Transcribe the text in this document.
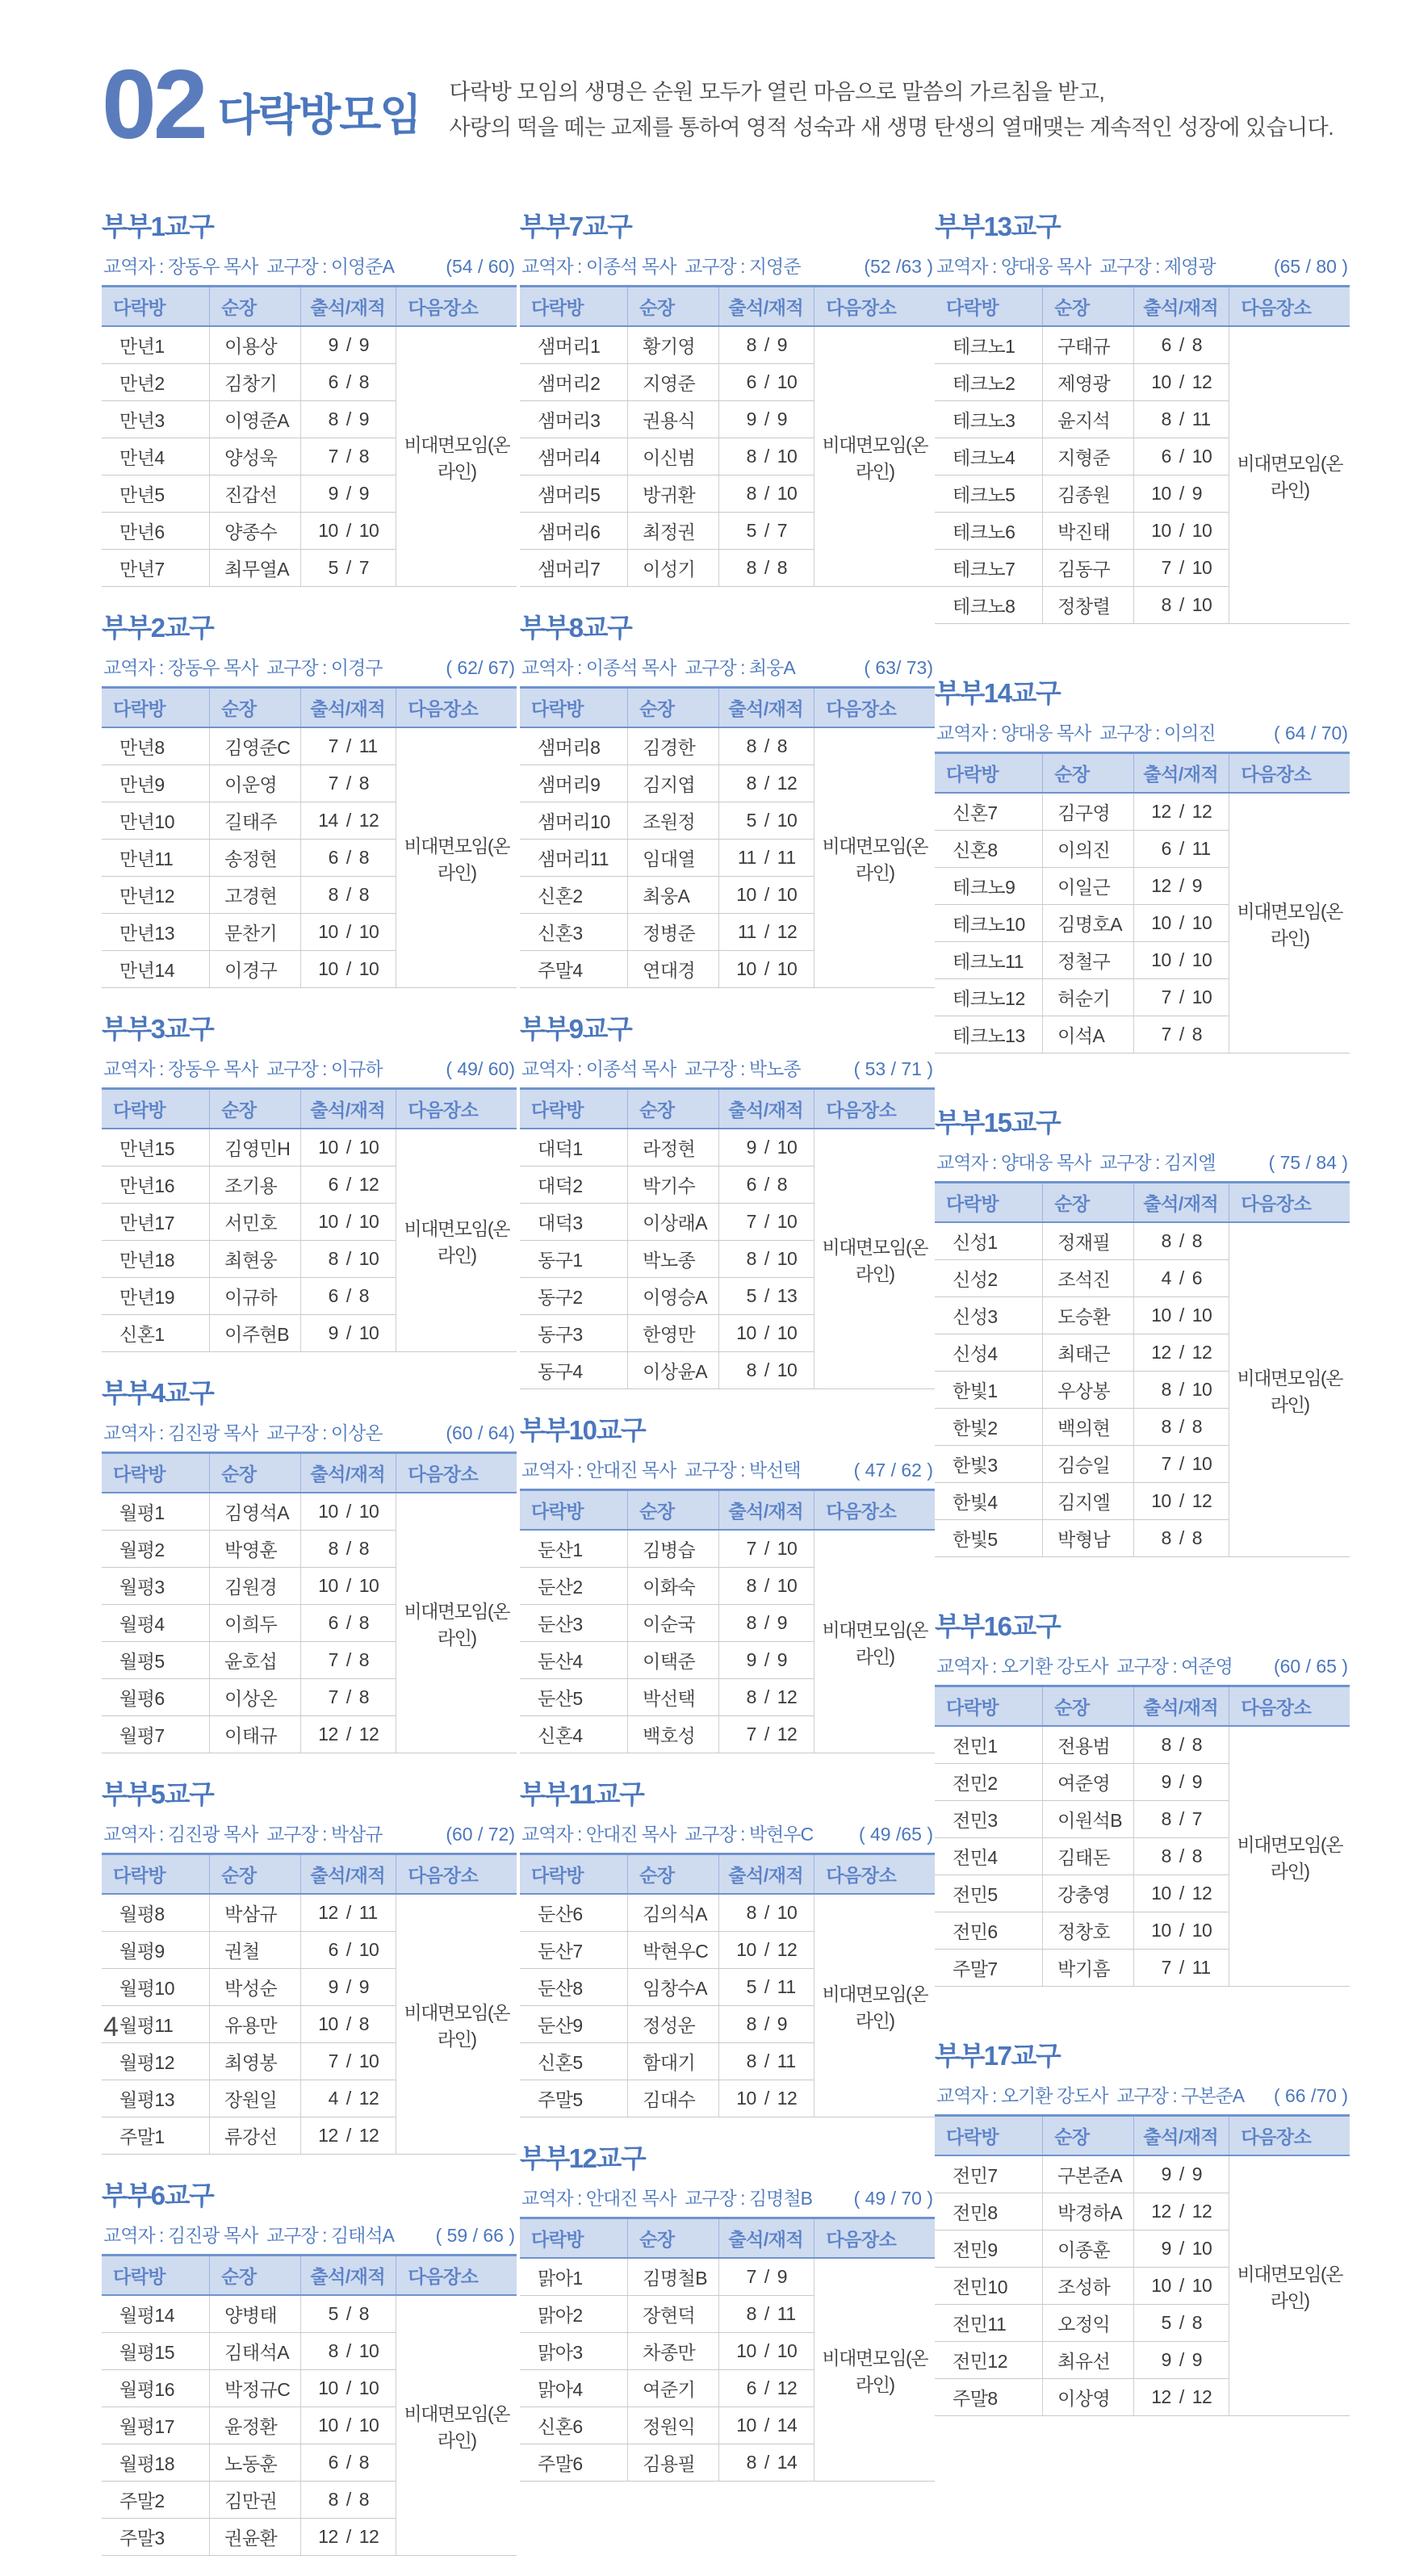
02 다락방모임 다락방 모임의 생명은 순원 모두가 열린 마음으로 말씀의 가르침을 받고,
사랑의 떡을 떼는 교제를 통하여 영적 성숙과 새 생명 탄생의 열매맺는 계속적인 성장에 있습니다.

부부1교구
교역자 : 장동우 목사  교구장 : 이영준A	(54 / 60)
다락방	순장	출석/재적	다음장소
만년1	이용상	9 / 9	비대면모임(온라인)
만년2	김창기	6 / 8	

만년3	이영준A	8 / 9	

만년4	양성욱	7 / 8	

만년5	진갑선	9 / 9	

만년6	양종수	10 / 10	

만년7	최무열A	5 / 7	
부부2교구
교역자 : 장동우 목사  교구장 : 이경구	( 62/ 67)
다락방	순장	출석/재적	다음장소
만년8	김영준C	7 / 11	비대면모임(온라인)
만년9	이운영	7 / 8	

만년10	길태주	14 / 12	

만년11	송정현	6 / 8	

만년12	고경현	8 / 8	

만년13	문찬기	10 / 10	

만년14	이경구	10 / 10	
부부3교구
교역자 : 장동우 목사  교구장 : 이규하	( 49/ 60)
다락방	순장	출석/재적	다음장소
만년15	김영민H	10 / 10	비대면모임(온라인)
만년16	조기용	6 / 12	

만년17	서민호	10 / 10	

만년18	최현웅	8 / 10	

만년19	이규하	6 / 8	

신혼1	이주현B	9 / 10	
부부4교구
교역자 : 김진광 목사  교구장 : 이상온	(60 / 64)
다락방	순장	출석/재적	다음장소
월평1	김영석A	10 / 10	비대면모임(온라인)
월평2	박영훈	8 / 8	

월평3	김원경	10 / 10	

월평4	이희두	6 / 8	

월평5	윤호섭	7 / 8	

월평6	이상온	7 / 8	

월평7	이태규	12 / 12	
부부5교구
교역자 : 김진광 목사  교구장 : 박삼규	(60 / 72)
다락방	순장	출석/재적	다음장소
월평8	박삼규	12 / 11	비대면모임(온라인)
월평9	권철	6 / 10	

월평10	박성순	9 / 9	

월평11	유용만	10 / 8	

월평12	최영봉	7 / 10	

월평13	장원일	4 / 12	

주말1	류강선	12 / 12	
부부6교구
교역자 : 김진광 목사  교구장 : 김태석A ( 59 / 66 )
다락방	순장	출석/재적	다음장소
월평14	양병태	5 / 8	비대면모임(온라인)
월평15	김태석A	8 / 10	

월평16	박정규C	10 / 10	

월평17	윤정환	10 / 10	

월평18	노동훈	6 / 8	

주말2	김만권	8 / 8	

주말3	권윤환	12 / 12	
부부7교구
교역자 : 이종석 목사  교구장 : 지영준	(52 /63 )
다락방	순장	출석/재적	다음장소
샘머리1	황기영	8 / 9	비대면모임(온라인)
샘머리2	지영준	6 / 10	

샘머리3	권용식	9 / 9	

샘머리4	이신범	8 / 10	

샘머리5	방귀환	8 / 10	

샘머리6	최정권	5 / 7	

샘머리7	이성기	8 / 8	
부부8교구
교역자 : 이종석 목사  교구장 : 최웅A	( 63/ 73)
다락방	순장	출석/재적	다음장소
샘머리8	김경한	8 / 8	비대면모임(온라인)
샘머리9	김지엽	8 / 12	

샘머리10	조원정	5 / 10	

샘머리11	임대열	11 / 11	

신혼2	최웅A	10 / 10	

신혼3	정병준	11 / 12	

주말4	연대경	10 / 10	
부부9교구
교역자 : 이종석 목사  교구장 : 박노종	( 53 / 71 )
다락방	순장	출석/재적	다음장소
대덕1	라정현	9 / 10	비대면모임(온라인)
대덕2	박기수	6 / 8	

대덕3	이상래A	7 / 10	

동구1	박노종	8 / 10	

동구2	이영승A	5 / 13	

동구3	한영만	10 / 10	

동구4	이상윤A	8 / 10	
부부10교구
교역자 : 안대진 목사  교구장 : 박선택	( 47 / 62 )
다락방	순장	출석/재적	다음장소
둔산1	김병습	7 / 10	비대면모임(온라인)
둔산2	이화숙	8 / 10	

둔산3	이순국	8 / 9	

둔산4	이택준	9 / 9	

둔산5	박선택	8 / 12	

신혼4	백호성	7 / 12	
부부11교구
교역자 : 안대진 목사  교구장 : 박현우C ( 49 /65 )
다락방	순장	출석/재적	다음장소
둔산6	김의식A	8 / 10	비대면모임(온라인)
둔산7	박현우C	10 / 12	

둔산8	임창수A	5 / 11	

둔산9	정성운	8 / 9	

신혼5	함대기	8 / 11	

주말5	김대수	10 / 12	
부부12교구
교역자 : 안대진 목사  교구장 : 김명철B ( 49 / 70 )
다락방	순장	출석/재적	다음장소
맑아1	김명철B	7 / 9	비대면모임(온라인)
맑아2	장현덕	8 / 11	

맑아3	차종만	10 / 10	

맑아4	여준기	6 / 12	

신혼6	정원익	10 / 14	

주말6	김용필	8 / 14	
부부13교구
교역자 : 양대웅 목사  교구장 : 제영광	(65 / 80 )
다락방	순장	출석/재적	다음장소
테크노1	구태규	6 / 8	비대면모임(온라인)
테크노2	제영광	10 / 12	

테크노3	윤지석	8 / 11	

테크노4	지형준	6 / 10	

테크노5	김종원	10 / 9	

테크노6	박진태	10 / 10	

테크노7	김동구	7 / 10	

테크노8	정창렬	8 / 10	
부부14교구
교역자 : 양대웅 목사  교구장 : 이의진	( 64 / 70)
다락방	순장	출석/재적	다음장소
신혼7	김구영	12 / 12	비대면모임(온라인)
신혼8	이의진	6 / 11	

테크노9	이일근	12 / 9	

테크노10	김명호A	10 / 10	

테크노11	정철구	10 / 10	

테크노12	허순기	7 / 10	

테크노13	이석A	7 / 8	
부부15교구
교역자 : 양대웅 목사  교구장 : 김지엘	( 75 / 84 )
다락방	순장	출석/재적	다음장소
신성1	정재필	8 / 8	비대면모임(온라인)
신성2	조석진	4 / 6	

신성3	도승환	10 / 10	

신성4	최태근	12 / 12	

한빛1	우상봉	8 / 10	

한빛2	백의현	8 / 8	

한빛3	김승일	7 / 10	

한빛4	김지엘	10 / 12	

한빛5	박형남	8 / 8	
부부16교구
교역자 : 오기환 강도사  교구장 : 여준영 (60 / 65 )
다락방	순장	출석/재적	다음장소
전민1	전용범	8 / 8	비대면모임(온라인)
전민2	여준영	9 / 9	

전민3	이원석B	8 / 7	

전민4	김태돈	8 / 8	

전민5	강충영	10 / 12	

전민6	정창호	10 / 10	

주말7	박기흠	7 / 11	
부부17교구
교역자 : 오기환 강도사  교구장 : 구본준A ( 66 /70 )
다락방	순장	출석/재적	다음장소
전민7	구본준A	9 / 9	비대면모임(온라인)
전민8	박경하A	12 / 12	

전민9	이종훈	9 / 10	

전민10	조성하	10 / 10	

전민11	오정익	5 / 8	

전민12	최유선	9 / 9	

주말8	이상영	12 / 12	
4
